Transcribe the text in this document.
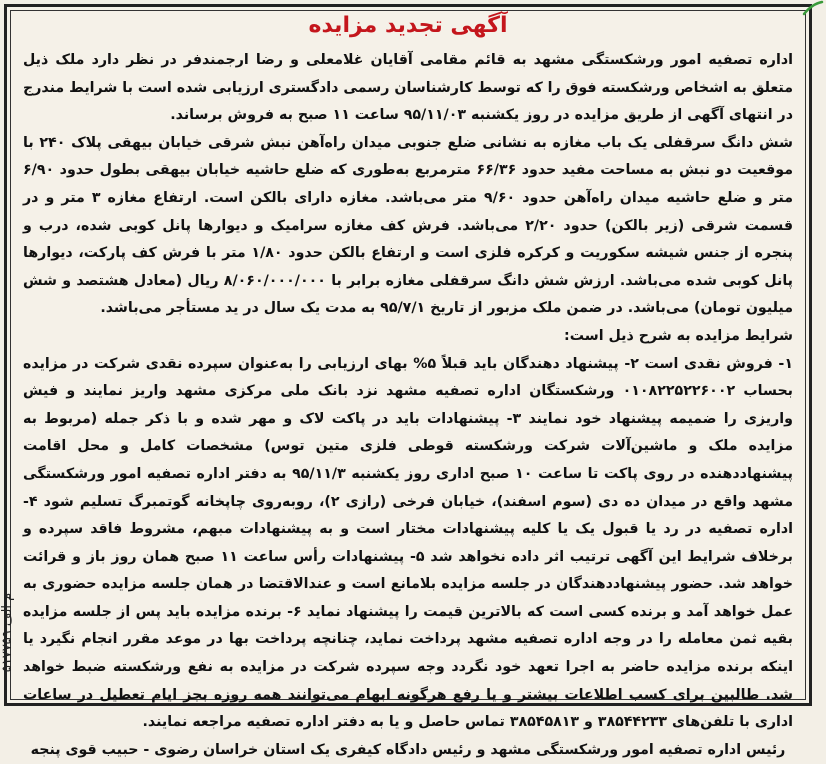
آگهی تجدید مزایده

اداره تصفیه امور ورشکستگی مشهد به قائم مقامی آقایان غلامعلی و رضا ارجمندفر در نظر دارد ملک ذیل متعلق به اشخاص ورشکسته فوق را که توسط کارشناسان رسمی دادگستری ارزیابی شده است با شرایط مندرج در انتهای آگهی از طریق مزایده در روز یکشنبه ۹۵/۱۱/۰۳ ساعت ۱۱ صبح به فروش برساند.

شش دانگ سرقفلی یک باب مغازه به نشانی ضلع جنوبی میدان راه‌آهن نبش شرقی خیابان بیهقی پلاک ۲۴۰ با موقعیت دو نبش به مساحت مفید حدود ۶۶/۳۶ مترمربع به‌طوری که ضلع حاشیه خیابان بیهقی بطول حدود ۶/۹۰ متر و ضلع حاشیه میدان راه‌آهن حدود ۹/۶۰ متر می‌باشد. مغازه دارای بالکن است. ارتفاع مغازه ۳ متر و در قسمت شرقی (زیر بالکن) حدود ۲/۲۰ می‌باشد. فرش کف مغازه سرامیک و دیوارها پانل کوبی شده، درب و پنجره از جنس شیشه سکوریت و کرکره فلزی است و ارتفاع بالکن حدود ۱/۸۰ متر با فرش کف پارکت، دیوارها پانل کوبی شده می‌باشد. ارزش شش دانگ سرقفلی مغازه برابر با ۸/۰۶۰/۰۰۰/۰۰۰ ریال (معادل هشتصد و شش میلیون تومان) می‌باشد. در ضمن ملک مزبور از تاریخ ۹۵/۷/۱ به مدت یک سال در ید مستأجر می‌باشد.

شرایط مزایده به شرح ذیل است:

۱- فروش نقدی است ۲- پیشنهاد دهندگان باید قبلاً ۵% بهای ارزیابی را به‌عنوان سپرده نقدی شرکت در مزایده بحساب ۰۱۰۸۲۲۵۲۲۶۰۰۲ ورشکستگان اداره تصفیه مشهد نزد بانک ملی مرکزی مشهد واریز نمایند و فیش واریزی را ضمیمه پیشنهاد خود نمایند ۳- پیشنهادات باید در پاکت لاک و مهر شده و با ذکر جمله (مربوط به مزایده ملک و ماشین‌آلات شرکت ورشکسته قوطی فلزی متین توس) مشخصات کامل و محل اقامت پیشنهاددهنده در روی پاکت تا ساعت ۱۰ صبح اداری روز یکشنبه ۹۵/۱۱/۳ به دفتر اداره تصفیه امور ورشکستگی مشهد واقع در میدان ده دی (سوم اسفند)، خیابان فرخی (رازی ۲)، روبه‌روی چاپخانه گوتمبرگ تسلیم شود ۴- اداره تصفیه در رد یا قبول یک یا کلیه پیشنهادات مختار است و به پیشنهادات مبهم، مشروط فاقد سپرده و برخلاف شرایط این آگهی ترتیب اثر داده نخواهد شد ۵- پیشنهادات رأس ساعت ۱۱ صبح همان روز باز و قرائت خواهد شد. حضور پیشنهاددهندگان در جلسه مزایده بلامانع است و عندالاقتضا در همان جلسه مزایده حضوری به عمل خواهد آمد و برنده کسی است که بالاترین قیمت را پیشنهاد نماید ۶- برنده مزایده باید پس از جلسه مزایده بقیه ثمن معامله را در وجه اداره تصفیه مشهد پرداخت نماید، چنانچه پرداخت بها در موعد مقرر انجام نگیرد یا اینکه برنده مزایده حاضر به اجرا تعهد خود نگردد وجه سپرده شرکت در مزایده به نفع ورشکسته ضبط خواهد شد. طالبین برای کسب اطلاعات بیشتر و یا رفع هرگونه ابهام می‌توانند همه روزه بجز ایام تعطیل در ساعات اداری با تلفن‌های ۳۸۵۴۴۲۳۳ و ۳۸۵۴۵۸۱۳ تماس حاصل و یا به دفتر اداره تصفیه مراجعه نمایند.

رئیس اداره تصفیه امور ورشکستگی مشهد و رئیس دادگاه کیفری یک استان خراسان رضوی - حبیب قوی پنجه

م الف ۵۱۷۷۵۹
